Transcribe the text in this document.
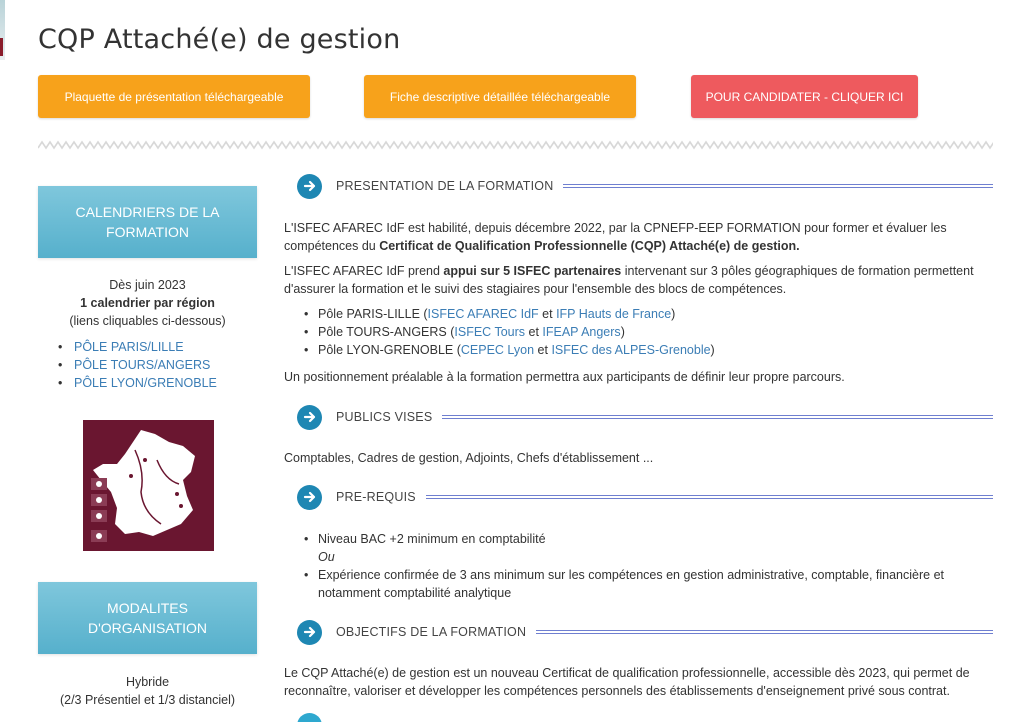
CQP Attaché(e) de gestion
Plaquette de présentation téléchargeable	Fiche descriptive détaillée téléchargeable	POUR CANDIDATER - CLIQUER ICI
CALENDRIERS DE LA FORMATION
Dès juin 2023
1 calendrier par région
(liens cliquables ci-dessous)
• PÔLE PARIS/LILLE
• PÔLE TOURS/ANGERS
• PÔLE LYON/GRENOBLE
MODALITES D'ORGANISATION
Hybride
(2/3 Présentiel et 1/3 distanciel)
PRESENTATION DE LA FORMATION
L'ISFEC AFAREC IdF est habilité, depuis décembre 2022, par la CPNEFP-EEP FORMATION pour former et évaluer les compétences du Certificat de Qualification Professionnelle (CQP) Attaché(e) de gestion.
L'ISFEC AFAREC IdF prend appui sur 5 ISFEC partenaires intervenant sur 3 pôles géographiques de formation permettent d'assurer la formation et le suivi des stagiaires pour l'ensemble des blocs de compétences.
• Pôle PARIS-LILLE (ISFEC AFAREC IdF et IFP Hauts de France)
• Pôle TOURS-ANGERS (ISFEC Tours et IFEAP Angers)
• Pôle LYON-GRENOBLE (CEPEC Lyon et ISFEC des ALPES-Grenoble)
Un positionnement préalable à la formation permettra aux participants de définir leur propre parcours.
PUBLICS VISES
Comptables, Cadres de gestion, Adjoints, Chefs d'établissement ...
PRE-REQUIS
• Niveau BAC +2 minimum en comptabilité
Ou
• Expérience confirmée de 3 ans minimum sur les compétences en gestion administrative, comptable, financière et notamment comptabilité analytique
OBJECTIFS DE LA FORMATION
Le CQP Attaché(e) de gestion est un nouveau Certificat de qualification professionnelle, accessible dès 2023, qui permet de reconnaître, valoriser et développer les compétences personnels des établissements d'enseignement privé sous contrat.
